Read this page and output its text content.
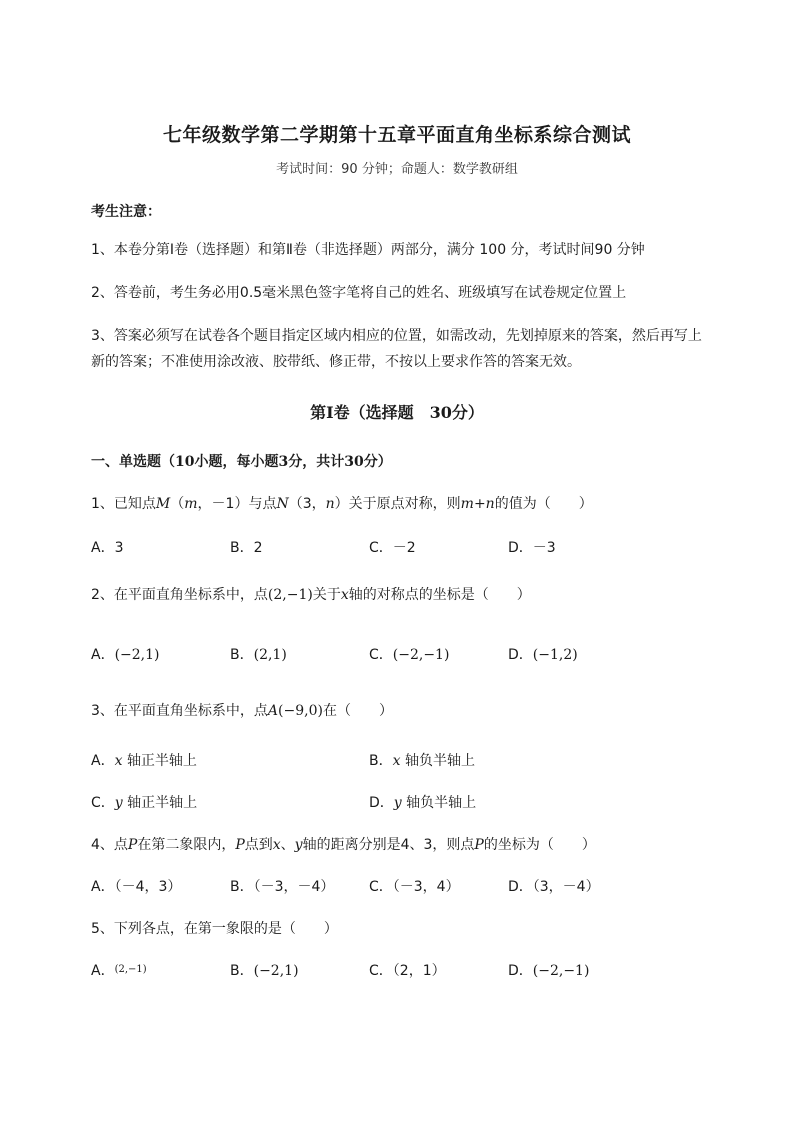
七年级数学第二学期第十五章平面直角坐标系综合测试
考试时间：90 分钟；命题人：数学教研组
考生注意：
1、本卷分第Ⅰ卷（选择题）和第Ⅱ卷（非选择题）两部分，满分 100 分，考试时间90 分钟
2、答卷前，考生务必用0.5毫米黑色签字笔将自己的姓名、班级填写在试卷规定位置上
3、答案必须写在试卷各个题目指定区域内相应的位置，如需改动，先划掉原来的答案，然后再写上新的答案；不准使用涂改液、胶带纸、修正带，不按以上要求作答的答案无效。
第Ⅰ卷（选择题　30分）
一、单选题（10小题，每小题3分，共计30分）
1、已知点M（m，－1）与点N（3，n）关于原点对称，则m+n的值为（　　）
A．3	B．2	C．－2	D．－3
2、在平面直角坐标系中，点(2,−1)关于x轴的对称点的坐标是（　　）
A．(−2,1)	B．(2,1)	C．(−2,−1)	D．(−1,2)
3、在平面直角坐标系中，点A(−9,0)在（　　）
A．x 轴正半轴上	B．x 轴负半轴上
C．y 轴正半轴上	D．y 轴负半轴上
4、点P在第二象限内，P点到x、y轴的距离分别是4、3，则点P的坐标为（　　）
A．（－4，3）	B．（－3，－4） C．（－3，4）	D．（3，－4）
5、下列各点，在第一象限的是（　　）
A．$^{(2,-1)}$	B．(−2,1)	C．（2，1）	D．(−2,−1)
